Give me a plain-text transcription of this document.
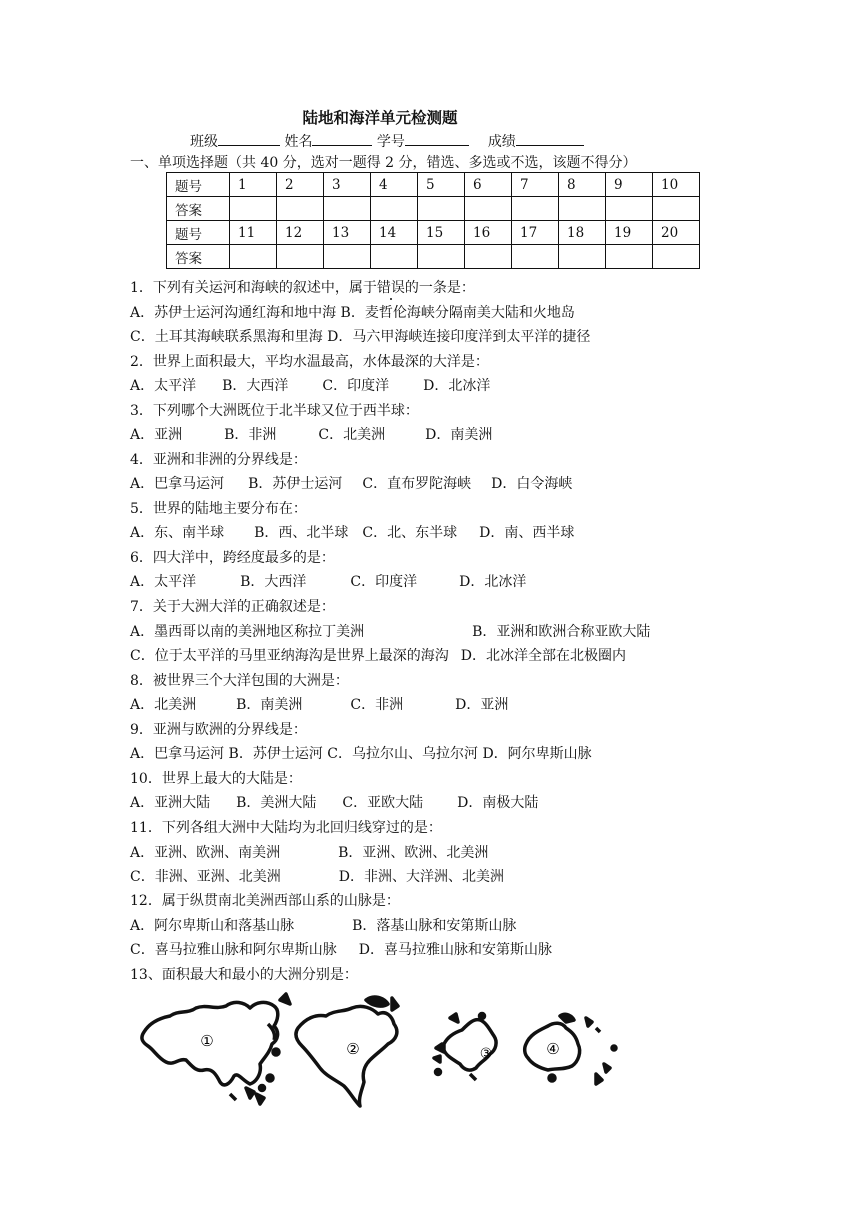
陆地和海洋单元检测题
班级	姓名	学号	成绩
一、单项选择题（共 40 分，选对一题得 2 分，错选、多选或不选，该题不得分）
题号	1	2	3	4	5	6	7	8	9	10
答案										
题号	11	12	13	14	15	16	17	18	19	20
答案										
1．下列有关运河和海峡的叙述中，属于错误的一条是：
A．苏伊士运河沟通红海和地中海 B．麦哲伦海峡分隔南美大陆和火地岛
C．土耳其海峡联系黑海和里海 D．马六甲海峡连接印度洋到太平洋的捷径
2．世界上面积最大，平均水温最高，水体最深的大洋是：
A．太平洋 B．大西洋 C．印度洋 D．北冰洋
3．下列哪个大洲既位于北半球又位于西半球：
A．亚洲	B．非洲	C．北美洲	D．南美洲
4．亚洲和非洲的分界线是：
A．巴拿马运河 B．苏伊士运河 C．直布罗陀海峡 D．白令海峡
5．世界的陆地主要分布在：
A．东、南半球 B．西、北半球 C．北、东半球 D．南、西半球
6．四大洋中，跨经度最多的是：
A．太平洋	B．大西洋	C．印度洋	D．北冰洋
7．关于大洲大洋的正确叙述是：
A．墨西哥以南的美洲地区称拉丁美洲	B．亚洲和欧洲合称亚欧大陆
C．位于太平洋的马里亚纳海沟是世界上最深的海沟 D．北冰洋全部在北极圈内
8．被世界三个大洋包围的大洲是：
A．北美洲	B．南美洲	C．非洲	D．亚洲
9．亚洲与欧洲的分界线是：
A．巴拿马运河 B．苏伊士运河 C．乌拉尔山、乌拉尔河 D．阿尔卑斯山脉
10．世界上最大的大陆是：
A．亚洲大陆 B．美洲大陆 C．亚欧大陆 D．南极大陆
11．下列各组大洲中大陆均为北回归线穿过的是：
A．亚洲、欧洲、南美洲	B．亚洲、欧洲、北美洲
C．非洲、亚洲、北美洲	D．非洲、大洋洲、北美洲
12．属于纵贯南北美洲西部山系的山脉是：
A．阿尔卑斯山和落基山脉	B．落基山脉和安第斯山脉
C．喜马拉雅山脉和阿尔卑斯山脉 D．喜马拉雅山脉和安第斯山脉
13、面积最大和最小的大洲分别是：
①	②	③	④
